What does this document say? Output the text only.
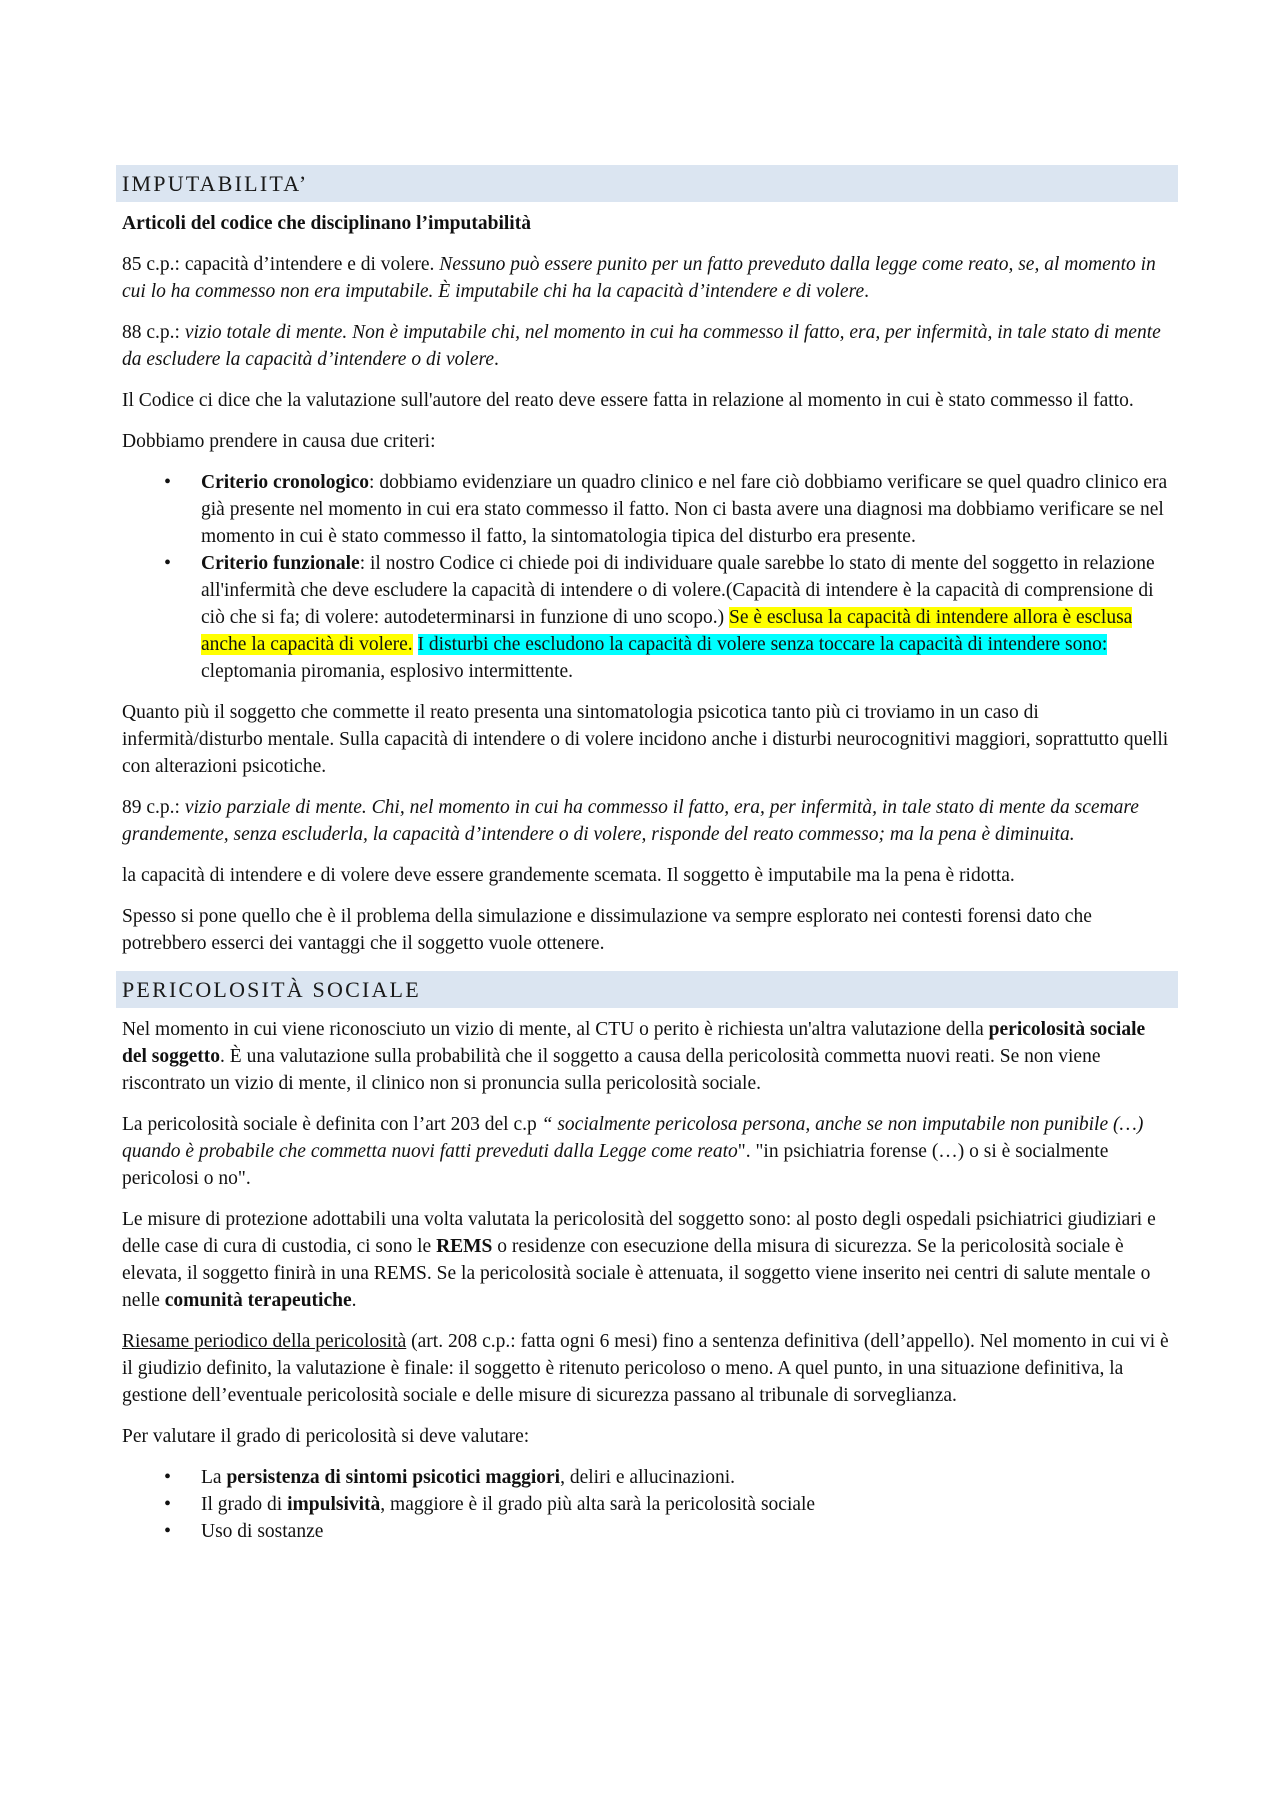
IMPUTABILITA’
Articoli del codice che disciplinano l’imputabilità

85 c.p.: capacità d’intendere e di volere. Nessuno può essere punito per un fatto preveduto dalla legge come reato, se, al momento in cui lo ha commesso non era imputabile. È imputabile chi ha la capacità d’intendere e di volere.

88 c.p.: vizio totale di mente. Non è imputabile chi, nel momento in cui ha commesso il fatto, era, per infermità, in tale stato di mente da escludere la capacità d’intendere o di volere.

Il Codice ci dice che la valutazione sull'autore del reato deve essere fatta in relazione al momento in cui è stato commesso il fatto.

Dobbiamo prendere in causa due criteri:

• Criterio cronologico: dobbiamo evidenziare un quadro clinico e nel fare ciò dobbiamo verificare se quel quadro clinico era già presente nel momento in cui era stato commesso il fatto. Non ci basta avere una diagnosi ma dobbiamo verificare se nel momento in cui è stato commesso il fatto, la sintomatologia tipica del disturbo era presente.
• Criterio funzionale: il nostro Codice ci chiede poi di individuare quale sarebbe lo stato di mente del soggetto in relazione all'infermità che deve escludere la capacità di intendere o di volere.(Capacità di intendere è la capacità di comprensione di ciò che si fa; di volere: autodeterminarsi in funzione di uno scopo.) Se è esclusa la capacità di intendere allora è esclusa anche la capacità di volere. I disturbi che escludono la capacità di volere senza toccare la capacità di intendere sono: cleptomania piromania, esplosivo intermittente.

Quanto più il soggetto che commette il reato presenta una sintomatologia psicotica tanto più ci troviamo in un caso di infermità/disturbo mentale. Sulla capacità di intendere o di volere incidono anche i disturbi neurocognitivi maggiori, soprattutto quelli con alterazioni psicotiche.

89 c.p.: vizio parziale di mente. Chi, nel momento in cui ha commesso il fatto, era, per infermità, in tale stato di mente da scemare grandemente, senza escluderla, la capacità d’intendere o di volere, risponde del reato commesso; ma la pena è diminuita.

la capacità di intendere e di volere deve essere grandemente scemata. Il soggetto è imputabile ma la pena è ridotta.

Spesso si pone quello che è il problema della simulazione e dissimulazione va sempre esplorato nei contesti forensi dato che potrebbero esserci dei vantaggi che il soggetto vuole ottenere.

PERICOLOSITÀ SOCIALE

Nel momento in cui viene riconosciuto un vizio di mente, al CTU o perito è richiesta un'altra valutazione della pericolosità sociale del soggetto. È una valutazione sulla probabilità che il soggetto a causa della pericolosità commetta nuovi reati. Se non viene riscontrato un vizio di mente, il clinico non si pronuncia sulla pericolosità sociale.

La pericolosità sociale è definita con l’art 203 del c.p “ socialmente pericolosa persona, anche se non imputabile non punibile (…) quando è probabile che commetta nuovi fatti preveduti dalla Legge come reato". "in psichiatria forense (…) o si è socialmente pericolosi o no".

Le misure di protezione adottabili una volta valutata la pericolosità del soggetto sono: al posto degli ospedali psichiatrici giudiziari e delle case di cura di custodia, ci sono le REMS o residenze con esecuzione della misura di sicurezza. Se la pericolosità sociale è elevata, il soggetto finirà in una REMS. Se la pericolosità sociale è attenuata, il soggetto viene inserito nei centri di salute mentale o nelle comunità terapeutiche.

Riesame periodico della pericolosità (art. 208 c.p.: fatta ogni 6 mesi) fino a sentenza definitiva (dell’appello). Nel momento in cui vi è il giudizio definito, la valutazione è finale: il soggetto è ritenuto pericoloso o meno. A quel punto, in una situazione definitiva, la gestione dell’eventuale pericolosità sociale e delle misure di sicurezza passano al tribunale di sorveglianza.

Per valutare il grado di pericolosità si deve valutare:

• La persistenza di sintomi psicotici maggiori, deliri e allucinazioni.
• Il grado di impulsività, maggiore è il grado più alta sarà la pericolosità sociale
• Uso di sostanze
